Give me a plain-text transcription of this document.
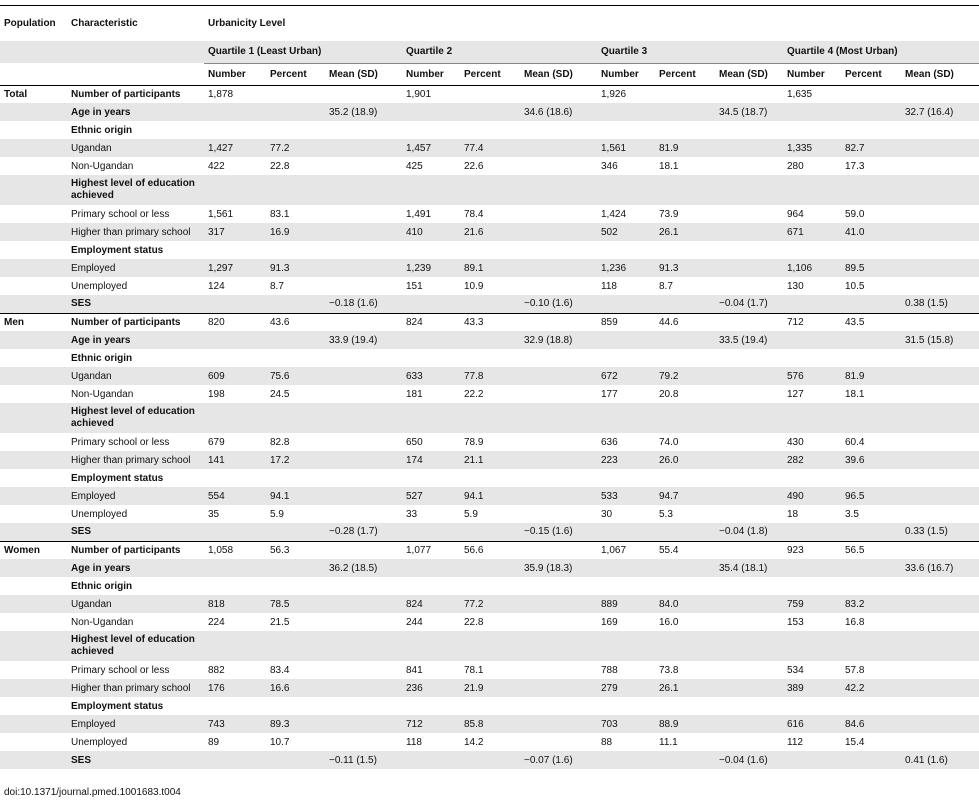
Population	Characteristic	Urbanicity Level											
		Quartile 1 (Least Urban)			Quartile 2			Quartile 3			Quartile 4 (Most Urban)		
		Number	Percent	Mean (SD)	Number	Percent	Mean (SD)	Number	Percent	Mean (SD)	Number	Percent	Mean (SD)
Total	Number of participants	1,878			1,901			1,926			1,635		
	Age in years			35.2 (18.9)			34.6 (18.6)			34.5 (18.7)			32.7 (16.4)
	Ethnic origin												
	Ugandan	1,427	77.2		1,457	77.4		1,561	81.9		1,335	82.7	
	Non-Ugandan	422	22.8		425	22.6		346	18.1		280	17.3	
	Highest level of education achieved												
	Primary school or less	1,561	83.1		1,491	78.4		1,424	73.9		964	59.0	
	Higher than primary school	317	16.9		410	21.6		502	26.1		671	41.0	
	Employment status												
	Employed	1,297	91.3		1,239	89.1		1,236	91.3		1,106	89.5	
	Unemployed	124	8.7		151	10.9		118	8.7		130	10.5	
	SES			−0.18 (1.6)			−0.10 (1.6)			−0.04 (1.7)			0.38 (1.5)
Men	Number of participants	820	43.6		824	43.3		859	44.6		712	43.5	
	Age in years			33.9 (19.4)			32.9 (18.8)			33.5 (19.4)			31.5 (15.8)
	Ethnic origin												
	Ugandan	609	75.6		633	77.8		672	79.2		576	81.9	
	Non-Ugandan	198	24.5		181	22.2		177	20.8		127	18.1	
	Highest level of education achieved												
	Primary school or less	679	82.8		650	78.9		636	74.0		430	60.4	
	Higher than primary school	141	17.2		174	21.1		223	26.0		282	39.6	
	Employment status												
	Employed	554	94.1		527	94.1		533	94.7		490	96.5	
	Unemployed	35	5.9		33	5.9		30	5.3		18	3.5	
	SES			−0.28 (1.7)			−0.15 (1.6)			−0.04 (1.8)			0.33 (1.5)
Women	Number of participants	1,058	56.3		1,077	56.6		1,067	55.4		923	56.5	
	Age in years			36.2 (18.5)			35.9 (18.3)			35.4 (18.1)			33.6 (16.7)
	Ethnic origin												
	Ugandan	818	78.5		824	77.2		889	84.0		759	83.2	
	Non-Ugandan	224	21.5		244	22.8		169	16.0		153	16.8	
	Highest level of education achieved												
	Primary school or less	882	83.4		841	78.1		788	73.8		534	57.8	
	Higher than primary school	176	16.6		236	21.9		279	26.1		389	42.2	
	Employment status												
	Employed	743	89.3		712	85.8		703	88.9		616	84.6	
	Unemployed	89	10.7		118	14.2		88	11.1		112	15.4	
	SES			−0.11 (1.5)			−0.07 (1.6)			−0.04 (1.6)			0.41 (1.6)
doi:10.1371/journal.pmed.1001683.t004
